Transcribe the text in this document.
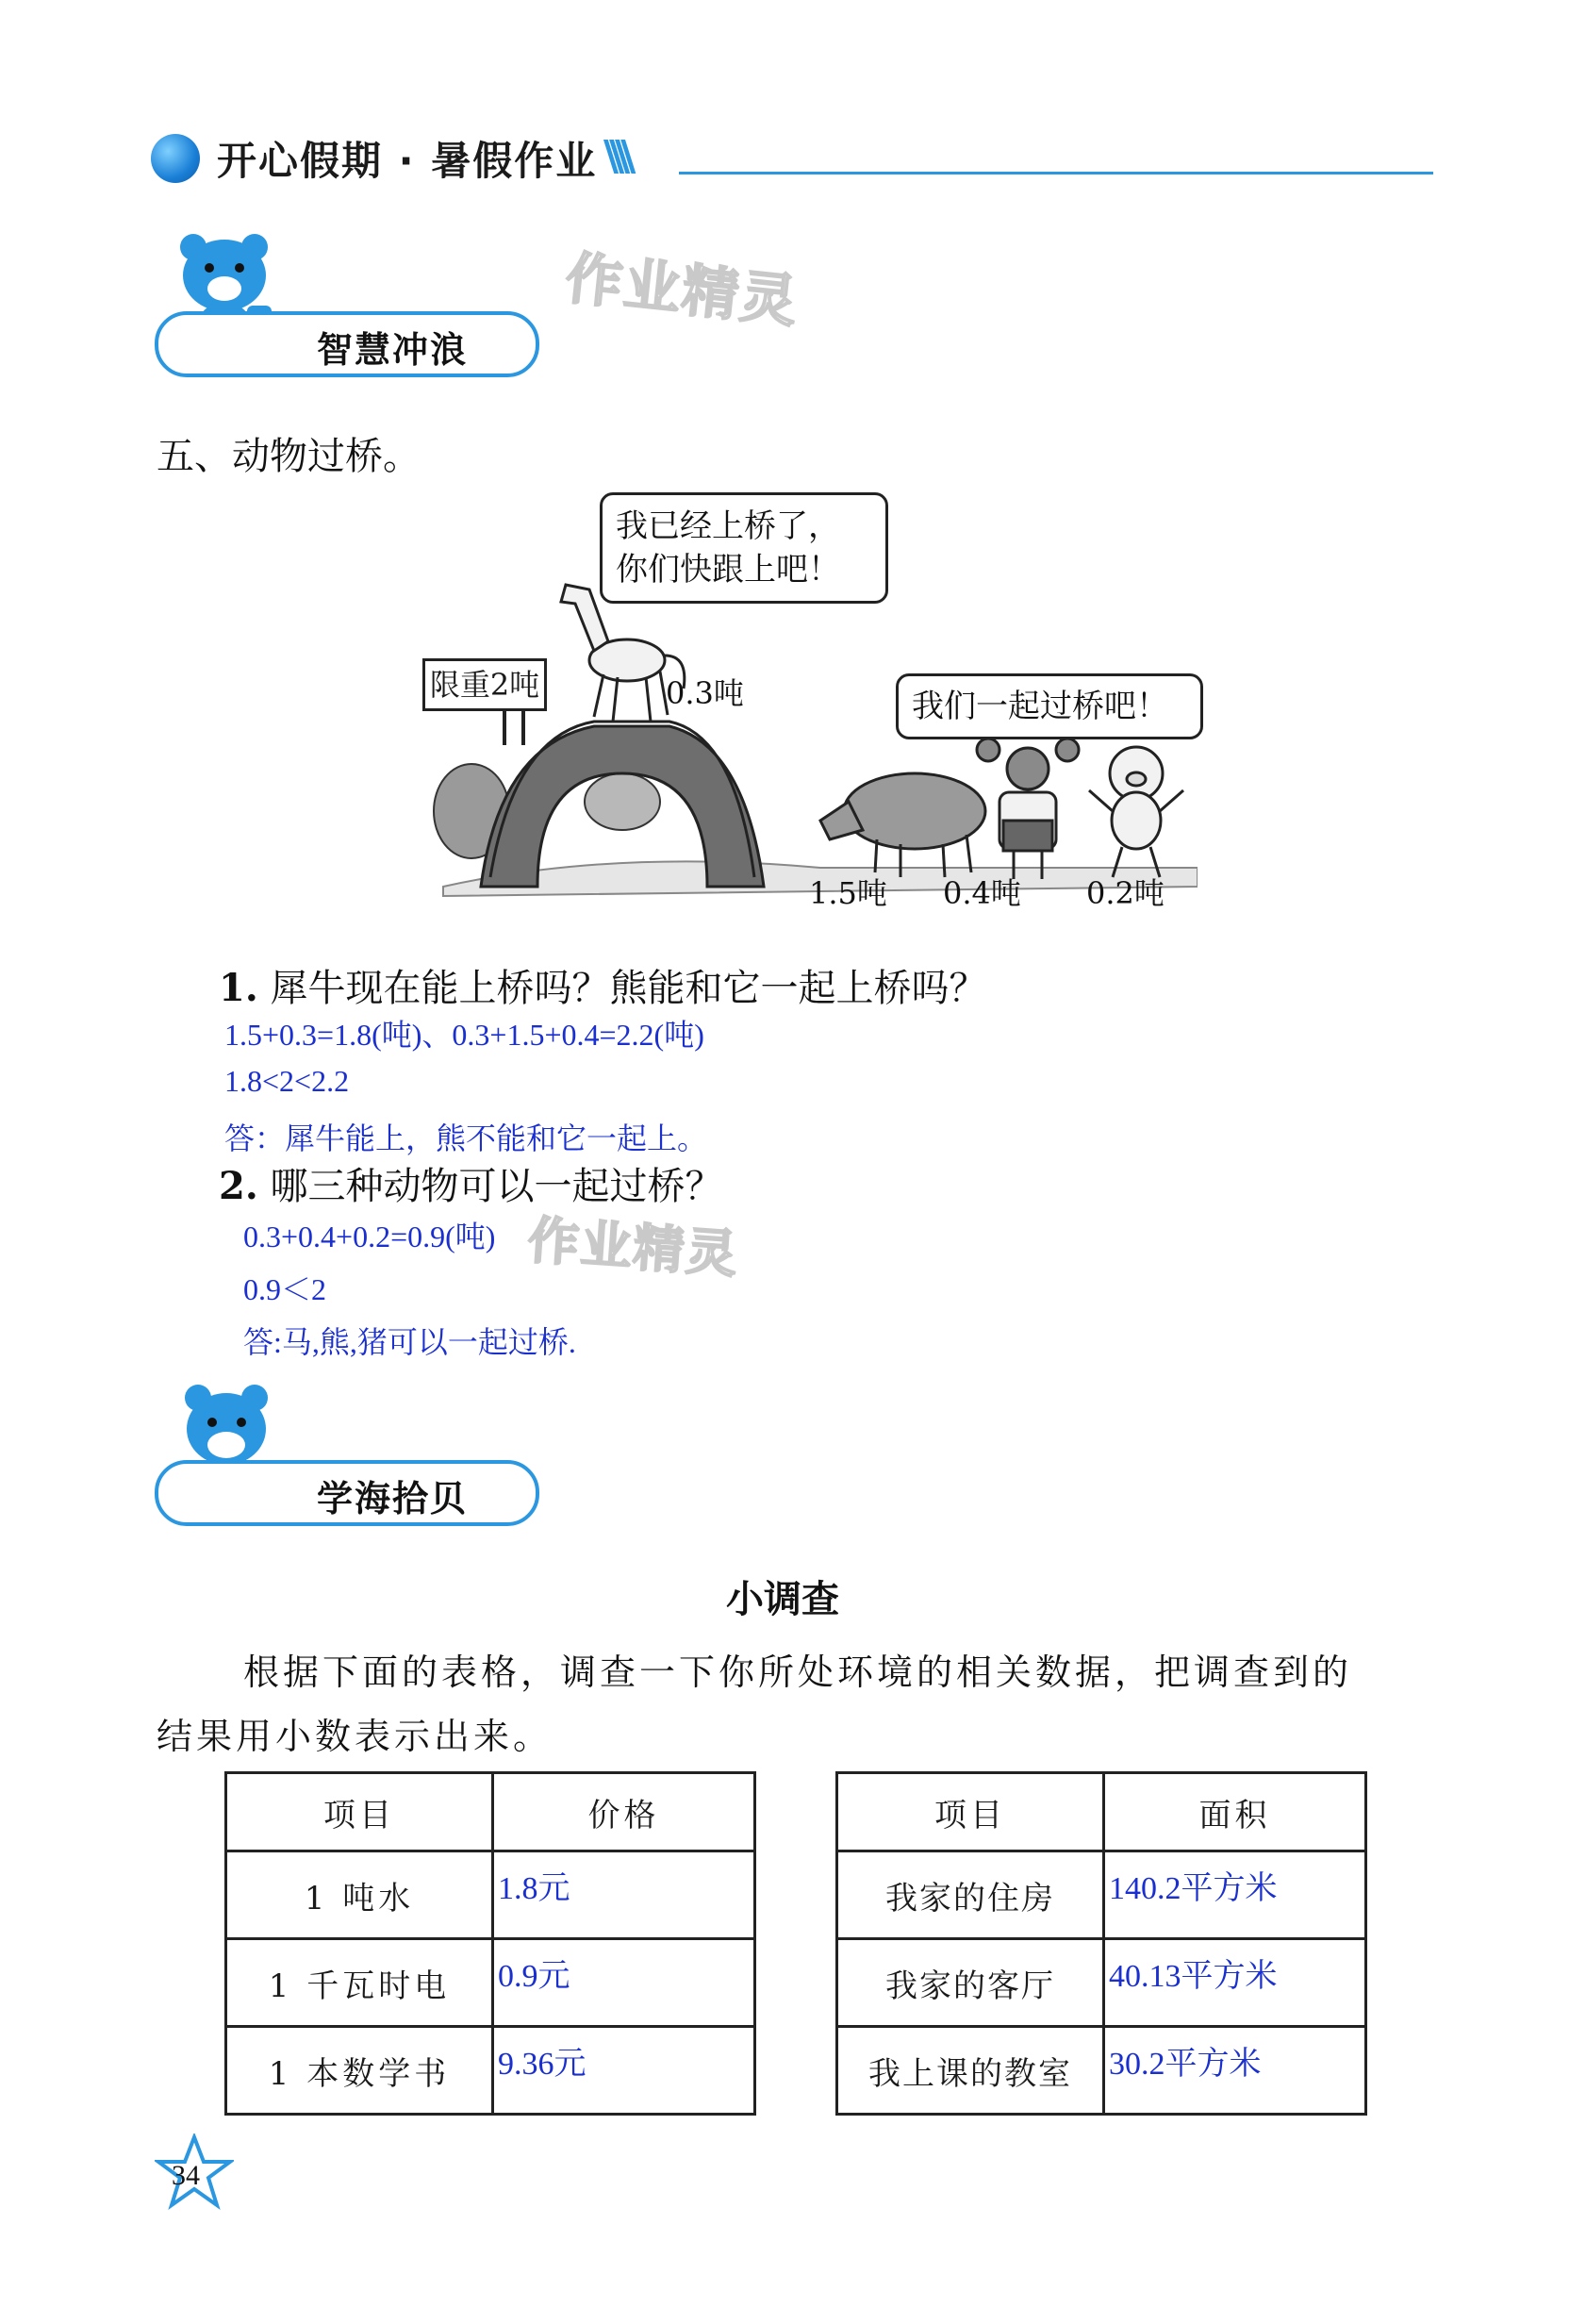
开心假期 · 暑假作业 \\\\
智慧冲浪
作业精灵
五、动物过桥。
我已经上桥了，
你们快跟上吧！
我们一起过桥吧！
限重2吨	0.3吨
1.5吨 0.4吨 0.2吨
1. 犀牛现在能上桥吗？熊能和它一起上桥吗？
1.5+0.3=1.8(吨)、0.3+1.5+0.4=2.2(吨)
1.8<2<2.2
答：犀牛能上，熊不能和它一起上。
2. 哪三种动物可以一起过桥？
0.3+0.4+0.2=0.9(吨)
0.9＜2
答:马,熊,猪可以一起过桥.
作业精灵
学海拾贝
小调查
根据下面的表格，调查一下你所处环境的相关数据，把调查到的
结果用小数表示出来。
项目	价格
1 吨水	1.8元
1 千瓦时电	0.9元
1 本数学书	9.36元
项目	面积
我家的住房	140.2平方米
我家的客厅	40.13平方米
我上课的教室	30.2平方米
34
